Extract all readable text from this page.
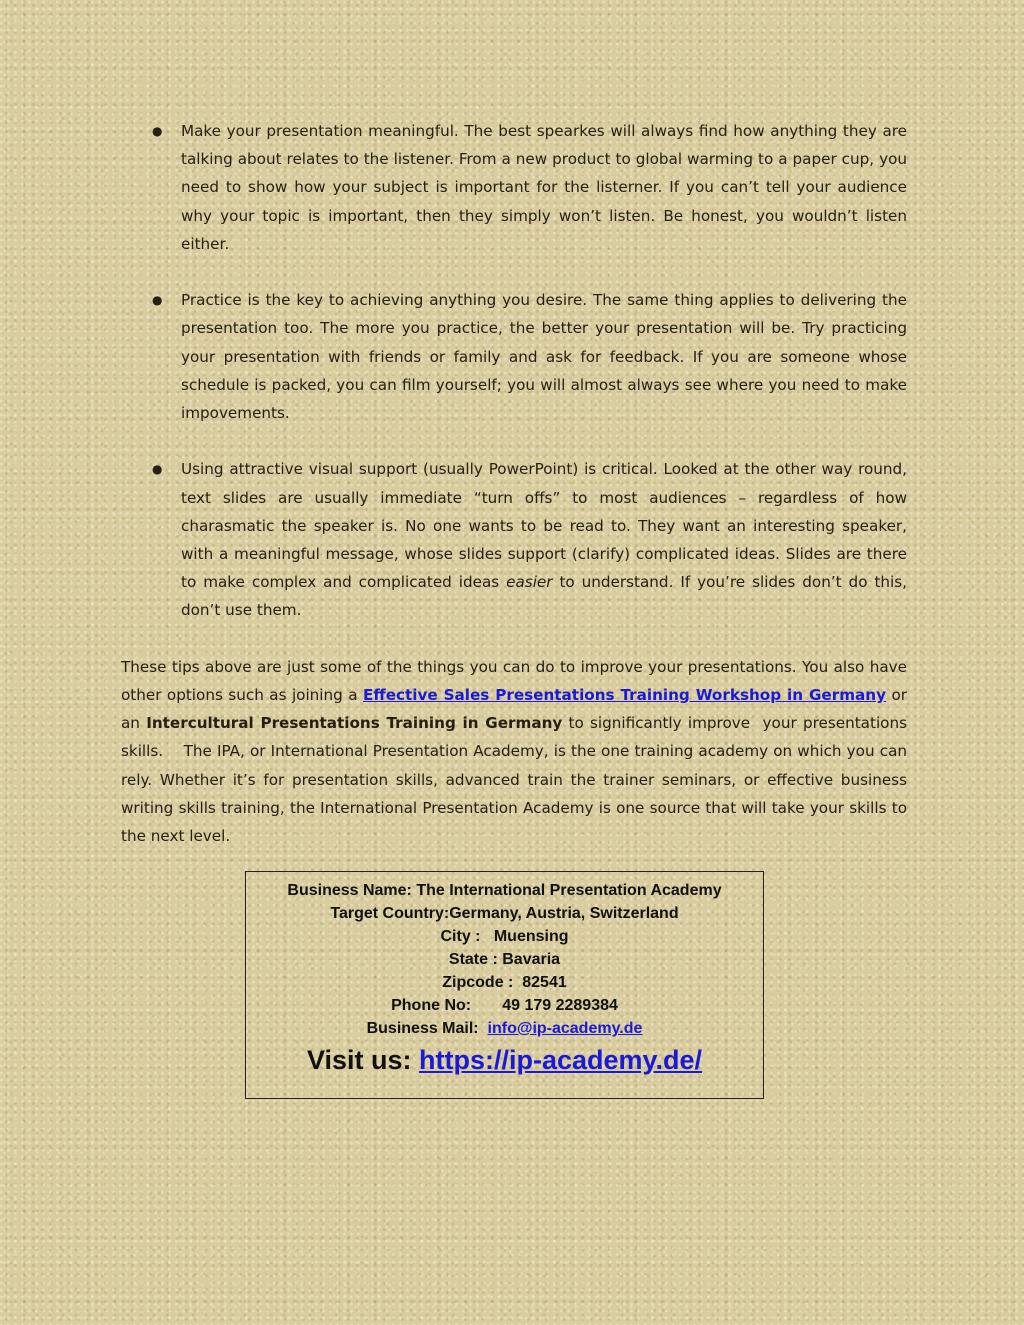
● Make your presentation meaningful. The best spearkes will always find how anything they are talking about relates to the listener. From a new product to global warming to a paper cup, you need to show how your subject is important for the listerner. If you can’t tell your audience why your topic is important, then they simply won’t listen. Be honest, you wouldn’t listen either.
● Practice is the key to achieving anything you desire. The same thing applies to delivering the presentation too. The more you practice, the better your presentation will be. Try practicing your presentation with friends or family and ask for feedback. If you are someone whose schedule is packed, you can film yourself; you will almost always see where you need to make impovements.
● Using attractive visual support (usually PowerPoint) is critical. Looked at the other way round, text slides are usually immediate “turn offs” to most audiences – regardless of how charasmatic the speaker is. No one wants to be read to. They want an interesting speaker, with a meaningful message, whose slides support (clarify) complicated ideas. Slides are there to make complex and complicated ideas easier to understand. If you’re slides don’t do this, don’t use them.

These tips above are just some of the things you can do to improve your presentations. You also have other options such as joining a Effective Sales Presentations Training Workshop in Germany or an Intercultural Presentations Training in Germany to significantly improve  your presentations skills.    The IPA, or International Presentation Academy, is the one training academy on which you can rely. Whether it’s for presentation skills, advanced train the trainer seminars, or effective business writing skills training, the International Presentation Academy is one source that will take your skills to the next level.

Business Name: The International Presentation Academy
Target Country:Germany, Austria, Switzerland
City :   Muensing
State : Bavaria
Zipcode :  82541
Phone No:       49 179 2289384
Business Mail:  info@ip-academy.de
Visit us: https://ip-academy.de/
